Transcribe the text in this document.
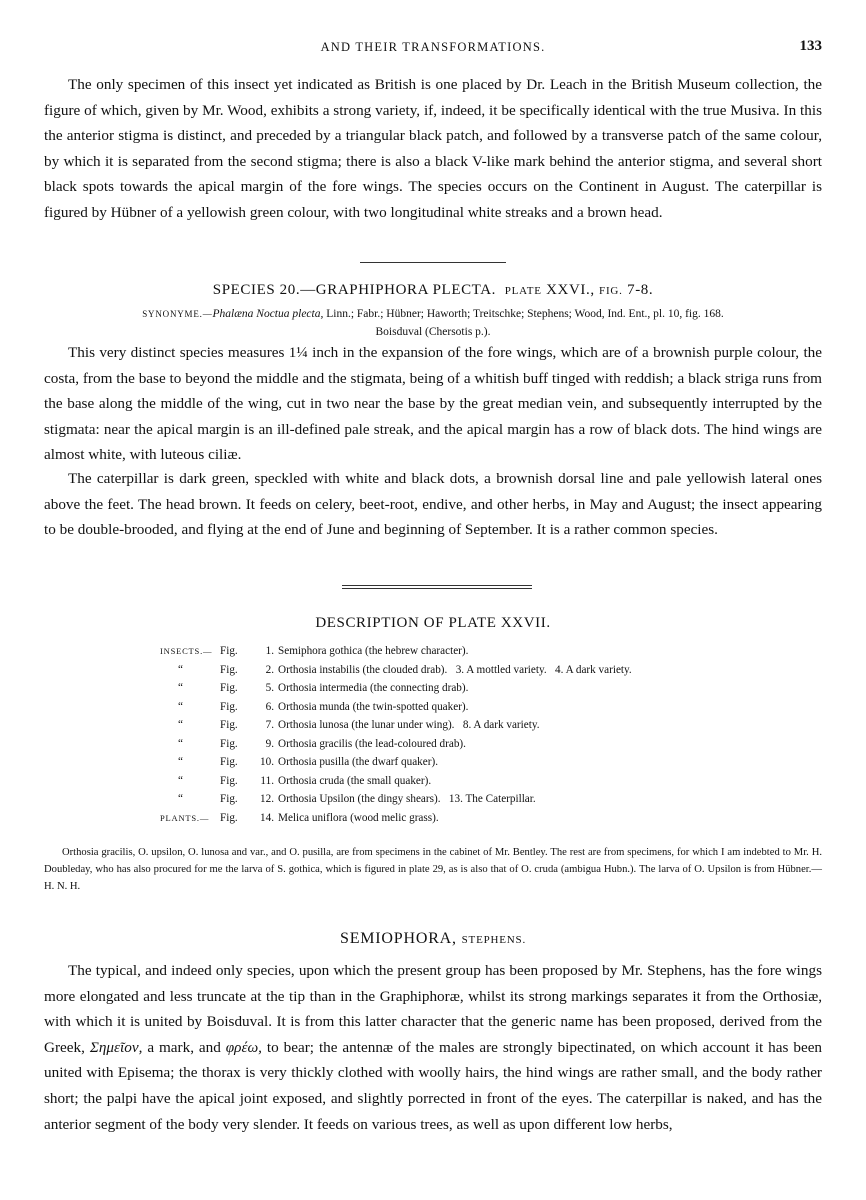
AND THEIR TRANSFORMATIONS.	133

The only specimen of this insect yet indicated as British is one placed by Dr. Leach in the British Museum collection, the figure of which, given by Mr. Wood, exhibits a strong variety, if, indeed, it be specifically identical with the true Musiva. In this the anterior stigma is distinct, and preceded by a triangular black patch, and followed by a transverse patch of the same colour, by which it is separated from the second stigma; there is also a black V-like mark behind the anterior stigma, and several short black spots towards the apical margin of the fore wings. The species occurs on the Continent in August. The caterpillar is figured by Hübner of a yellowish green colour, with two longitudinal white streaks and a brown head.

SPECIES 20.—GRAPHIPHORA PLECTA. PLATE XXVI., FIG. 7-8.
SYNONYME.—Phalæna Noctua plecta, Linn.; Fabr.; Hübner; Haworth; Treitschke; Stephens; Wood, Ind. Ent., pl. 10, fig. 168.
Boisduval (Chersotis p.).

This very distinct species measures 1¼ inch in the expansion of the fore wings, which are of a brownish purple colour, the costa, from the base to beyond the middle and the stigmata, being of a whitish buff tinged with reddish; a black striga runs from the base along the middle of the wing, cut in two near the base by the great median vein, and subsequently interrupted by the stigmata: near the apical margin is an ill-defined pale streak, and the apical margin has a row of black dots. The hind wings are almost white, with luteous ciliæ.

The caterpillar is dark green, speckled with white and black dots, a brownish dorsal line and pale yellowish lateral ones above the feet. The head brown. It feeds on celery, beet-root, endive, and other herbs, in May and August; the insect appearing to be double-brooded, and flying at the end of June and beginning of September. It is a rather common species.

DESCRIPTION OF PLATE XXVII.
INSECTS.— Fig.	1. Semiphora gothica (the hebrew character).
“	Fig.	2. Orthosia instabilis (the clouded drab).   3. A mottled variety.   4. A dark variety.
“	Fig.	5. Orthosia intermedia (the connecting drab).
“	Fig.	6. Orthosia munda (the twin-spotted quaker).
“	Fig.	7. Orthosia lunosa (the lunar under wing).   8. A dark variety.
“	Fig.	9. Orthosia gracilis (the lead-coloured drab).
“	Fig.	10. Orthosia pusilla (the dwarf quaker).
“	Fig.	11. Orthosia cruda (the small quaker).
“	Fig.	12. Orthosia Upsilon (the dingy shears).   13. The Caterpillar.
PLANTS.— Fig.	14. Melica uniflora (wood melic grass).

Orthosia gracilis, O. upsilon, O. lunosa and var., and O. pusilla, are from specimens in the cabinet of Mr. Bentley. The rest are from specimens, for which I am indebted to Mr. H. Doubleday, who has also procured for me the larva of S. gothica, which is figured in plate 29, as is also that of O. cruda (ambigua Hubn.). The larva of O. Upsilon is from Hübner.—H. N. H.

SEMIOPHORA, STEPHENS.

The typical, and indeed only species, upon which the present group has been proposed by Mr. Stephens, has the fore wings more elongated and less truncate at the tip than in the Graphiphoræ, whilst its strong markings separates it from the Orthosiæ, with which it is united by Boisduval. It is from this latter character that the generic name has been proposed, derived from the Greek, Σημεῖον, a mark, and φρέω, to bear; the antennæ of the males are strongly bipectinated, on which account it has been united with Episema; the thorax is very thickly clothed with woolly hairs, the hind wings are rather small, and the body rather short; the palpi have the apical joint exposed, and slightly porrected in front of the eyes. The caterpillar is naked, and has the anterior segment of the body very slender. It feeds on various trees, as well as upon different low herbs,
